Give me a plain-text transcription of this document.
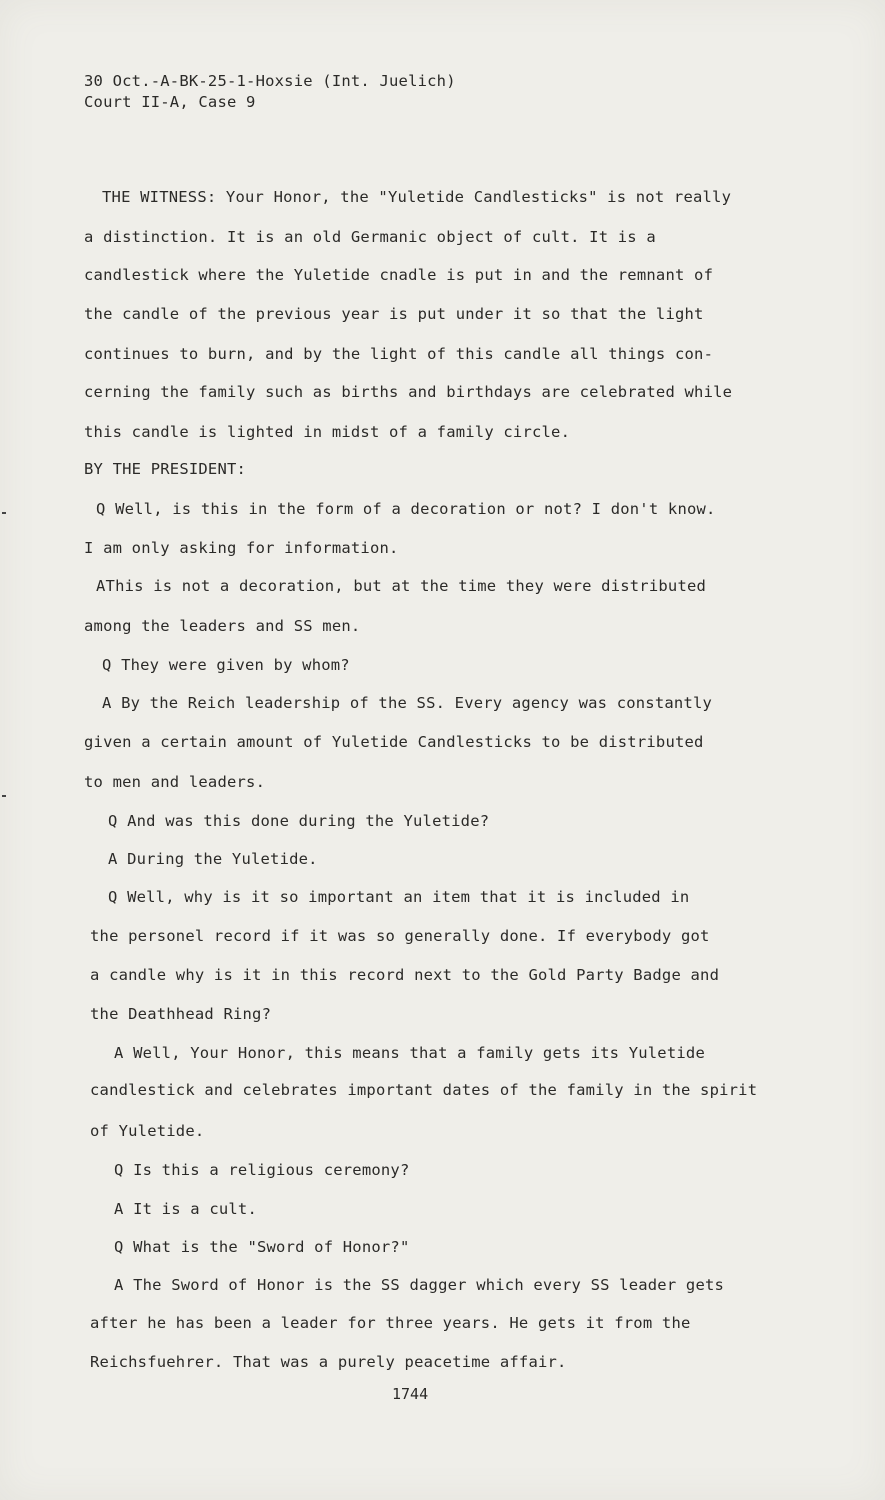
30 Oct.-A-BK-25-1-Hoxsie (Int. Juelich)

Court II-A, Case 9

THE WITNESS: Your Honor, the "Yuletide Candlesticks" is not really

a distinction. It is an old Germanic object of cult. It is a

candlestick where the Yuletide cnadle is put in and the remnant of

the candle of the previous year is put under it so that the light

continues to burn, and by the light of this candle all things con-

cerning the family such as births and birthdays are celebrated while

this candle is lighted in midst of a family circle.

BY THE PRESIDENT:

Q Well, is this in the form of a decoration or not? I don't know.

I am only asking for information.

AThis is not a decoration, but at the time they were distributed

among the leaders and SS men.

Q They were given by whom?

A By the Reich leadership of the SS. Every agency was constantly

given a certain amount of Yuletide Candlesticks to be distributed

to men and leaders.

Q And was this done during the Yuletide?

A During the Yuletide.

Q Well, why is it so important an item that it is included in

the personel record if it was so generally done. If everybody got

a candle why is it in this record next to the Gold Party Badge and

the Deathhead Ring?

A Well, Your Honor, this means that a family gets its Yuletide

candlestick and celebrates important dates of the family in the spirit

of Yuletide.

Q Is this a religious ceremony?

A It is a cult.

Q What is the "Sword of Honor?"

A The Sword of Honor is the SS dagger which every SS leader gets

after he has been a leader for three years. He gets it from the

Reichsfuehrer. That was a purely peacetime affair.

1744
